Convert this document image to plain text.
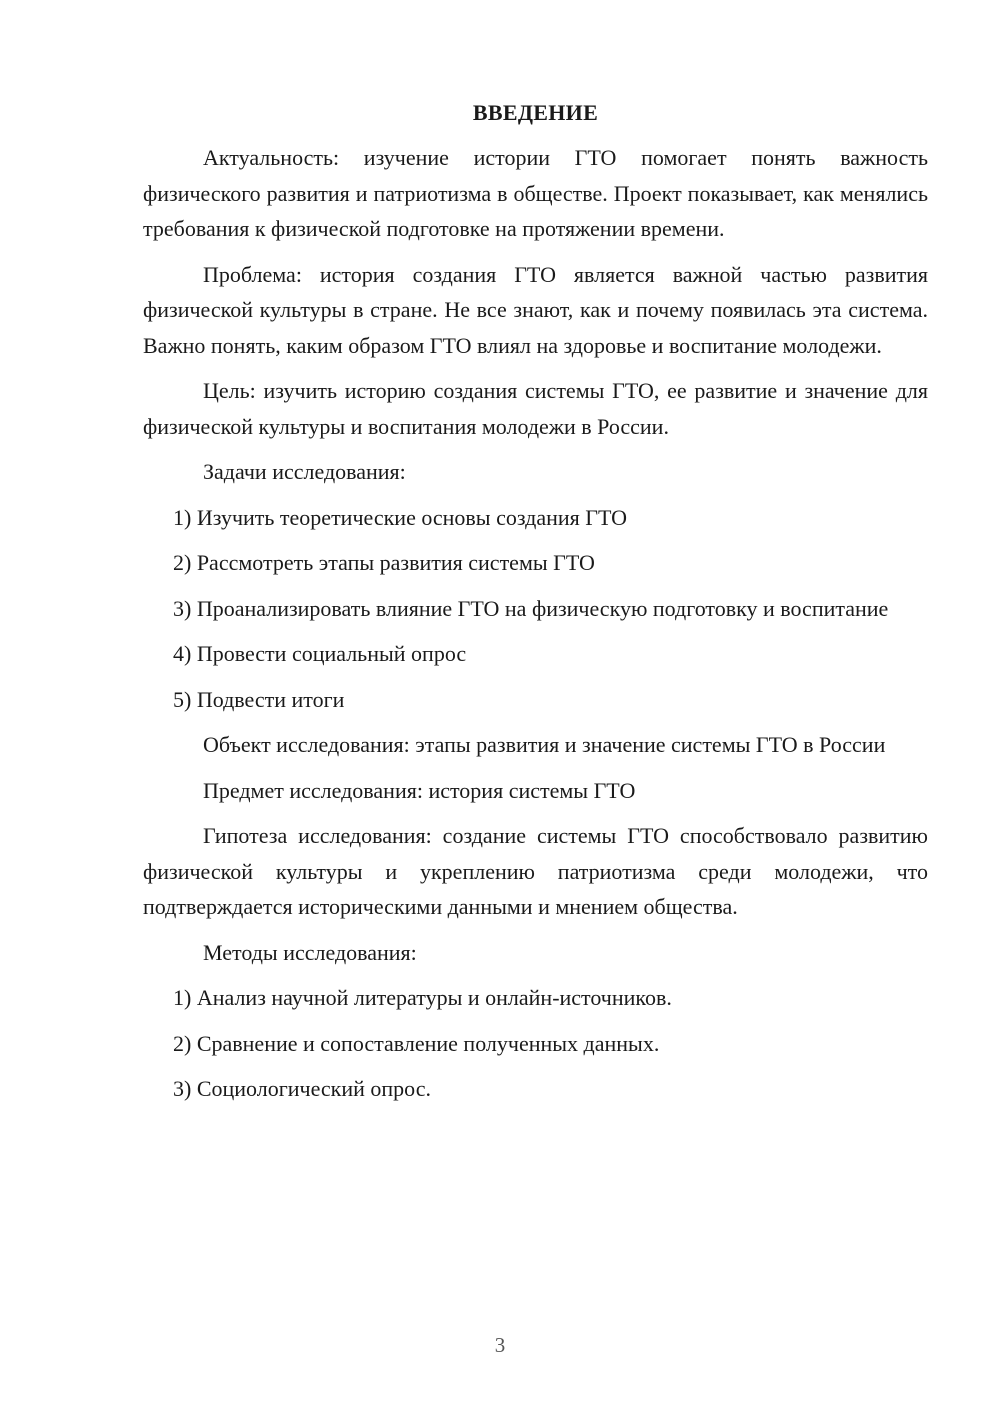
ВВЕДЕНИЕ

Актуальность: изучение истории ГТО помогает понять важность физического развития и патриотизма в обществе. Проект показывает, как менялись требования к физической подготовке на протяжении времени.

Проблема: история создания ГТО является важной частью развития физической культуры в стране. Не все знают, как и почему появилась эта система. Важно понять, каким образом ГТО влиял на здоровье и воспитание молодежи.

Цель: изучить историю создания системы ГТО, ее развитие и значение для физической культуры и воспитания молодежи в России.

Задачи исследования:

1) Изучить теоретические основы создания ГТО

2) Рассмотреть этапы развития системы ГТО

3) Проанализировать влияние ГТО на физическую подготовку и воспитание

4) Провести социальный опрос

5) Подвести итоги

Объект исследования: этапы развития и значение системы ГТО в России

Предмет исследования: история системы ГТО

Гипотеза исследования: создание системы ГТО способствовало развитию физической культуры и укреплению патриотизма среди молодежи, что подтверждается историческими данными и мнением общества.

Методы исследования:

1) Анализ научной литературы и онлайн-источников.

2) Сравнение и сопоставление полученных данных.

3) Социологический опрос.

3
